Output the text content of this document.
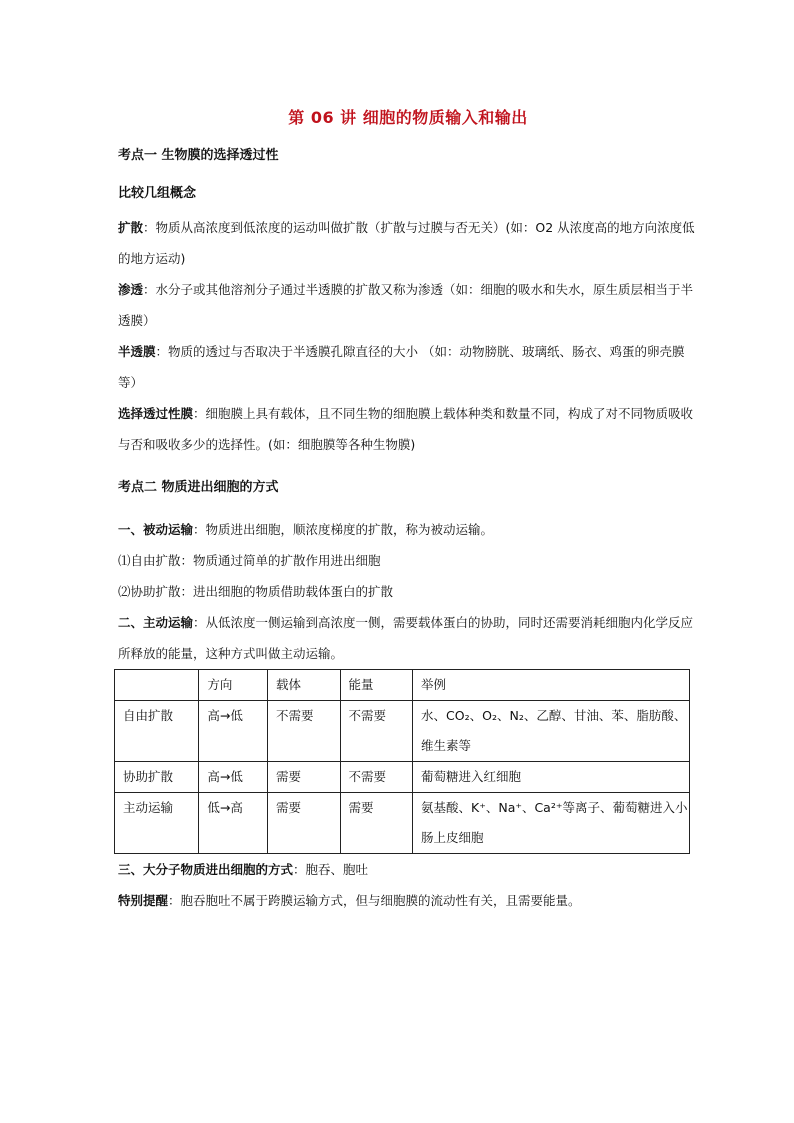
第 06 讲 细胞的物质输入和输出
考点一 生物膜的选择透过性
比较几组概念

扩散：物质从高浓度到低浓度的运动叫做扩散（扩散与过膜与否无关）(如：O2 从浓度高的地方向浓度低的地方运动)

渗透：水分子或其他溶剂分子通过半透膜的扩散又称为渗透（如：细胞的吸水和失水，原生质层相当于半透膜）

半透膜：物质的透过与否取决于半透膜孔隙直径的大小 （如：动物膀胱、玻璃纸、肠衣、鸡蛋的卵壳膜等）

选择透过性膜：细胞膜上具有载体，且不同生物的细胞膜上载体种类和数量不同，构成了对不同物质吸收与否和吸收多少的选择性。(如：细胞膜等各种生物膜)

考点二 物质进出细胞的方式

一、被动运输：物质进出细胞，顺浓度梯度的扩散，称为被动运输。

⑴自由扩散：物质通过简单的扩散作用进出细胞

⑵协助扩散：进出细胞的物质借助载体蛋白的扩散

二、主动运输：从低浓度一侧运输到高浓度一侧，需要载体蛋白的协助，同时还需要消耗细胞内化学反应所释放的能量，这种方式叫做主动运输。

	方向	载体	能量	举例
自由扩散	高→低	不需要	不需要	水、CO₂、O₂、N₂、乙醇、甘油、苯、脂肪酸、维生素等
协助扩散	高→低	需要	不需要	葡萄糖进入红细胞
主动运输	低→高	需要	需要	氨基酸、K⁺、Na⁺、Ca²⁺等离子、葡萄糖进入小肠上皮细胞

三、大分子物质进出细胞的方式：胞吞、胞吐

特别提醒：胞吞胞吐不属于跨膜运输方式，但与细胞膜的流动性有关，且需要能量。
